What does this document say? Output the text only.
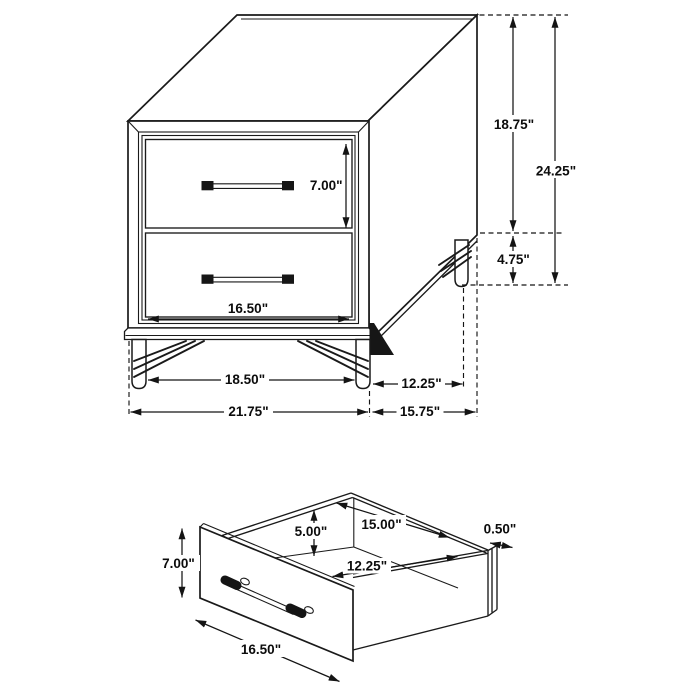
7.00"
16.50"
18.75"
24.25"
4.75"
18.50"	12.25"
21.75"	15.75"
7.00"
5.00"	15.00"
12.25"
0.50"
16.50"
